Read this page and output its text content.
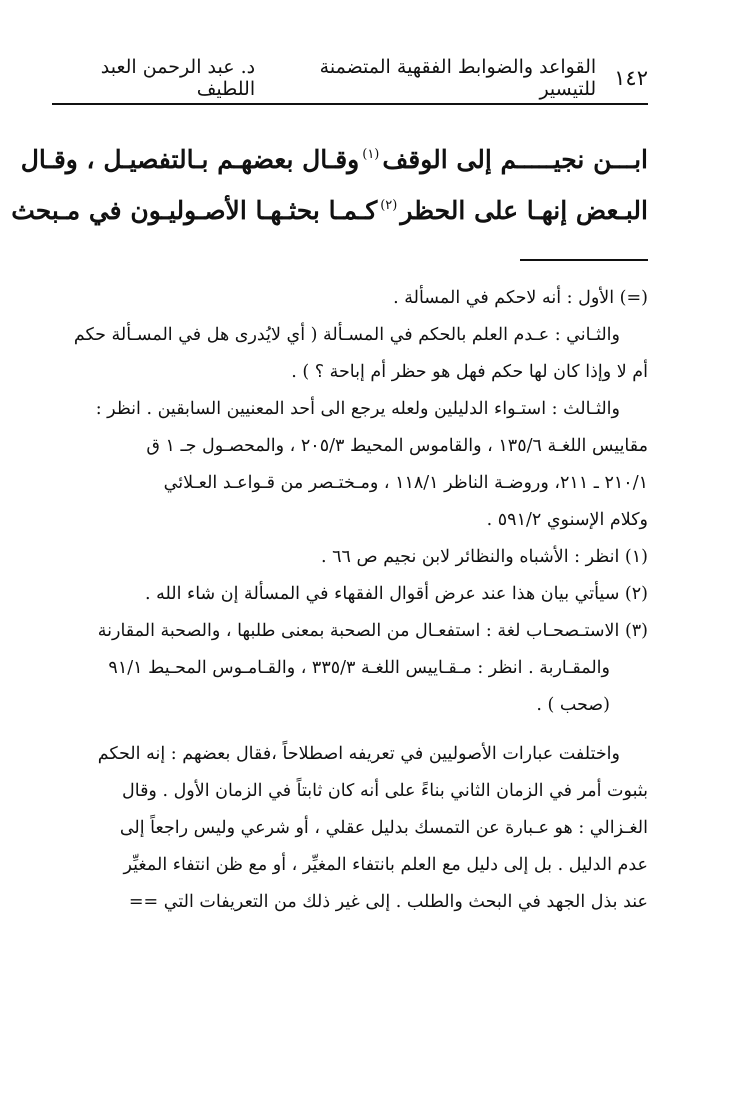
١٤٢
القواعد والضوابط الفقهية المتضمنة للتيسير
د. عبد الرحمن العبد اللطيف
ابـــن نجيـــــم إلى الوقف$^{(١)}$وقـال بعضهـم بـالتفصيـل ، وقـال
البـعض إنهـا على الحظر$^{(٢)}$كـمـا بحثـهـا الأصـوليـون في مـبحث

(=) الأول : أنه لاحكم في المسألة .

والثـاني : عـدم العلم بالحكم في المسـألة ( أي لايُدرى هل في المسـألة حكم

أم لا وإذا كان لها حكم فهل هو حظر أم إباحة ؟ ) .

والثـالث : استـواء الدليلين ولعله يرجع الى أحد المعنيين السابقين . انظر :

مقاييس اللغـة ١٣٥/٦ ، والقاموس المحيط ٢٠٥/٣ ، والمحصـول جـ ١ ق

٢١٠/١ ـ ٢١١، وروضـة الناظر ١١٨/١ ، ومـختـصر من قـواعـد العـلائي

وكلام الإسنوي ٥٩١/٢ .

(١) انظر : الأشباه والنظائر لابن نجيم ص ٦٦ .

(٢) سيأتي بيان هذا عند عرض أقوال الفقهاء في المسألة إن شاء الله .

(٣) الاستـصحـاب لغة : استفعـال من الصحبة بمعنى طلبها ، والصحبة المقارنة

والمقـاربة . انظر : مـقـاييس اللغـة ٣٣٥/٣ ، والقـامـوس المحـيط ٩١/١

(صحب ) .

واختلفت عبارات الأصوليين في تعريفه اصطلاحاً ،فقال بعضهم : إنه الحكم

بثبوت أمر في الزمان الثاني بناءً على أنه كان ثابتاً في الزمان الأول . وقال

الغـزالي : هو عـبارة عن التمسك بدليل عقلي ، أو شرعي وليس راجعاً إلى

عدم الدليل . بل إلى دليل مع العلم بانتفاء المغيِّر ، أو مع ظن انتفاء المغيِّر

عند بذل الجهد في البحث والطلب . إلى غير ذلك من التعريفات التي ==
